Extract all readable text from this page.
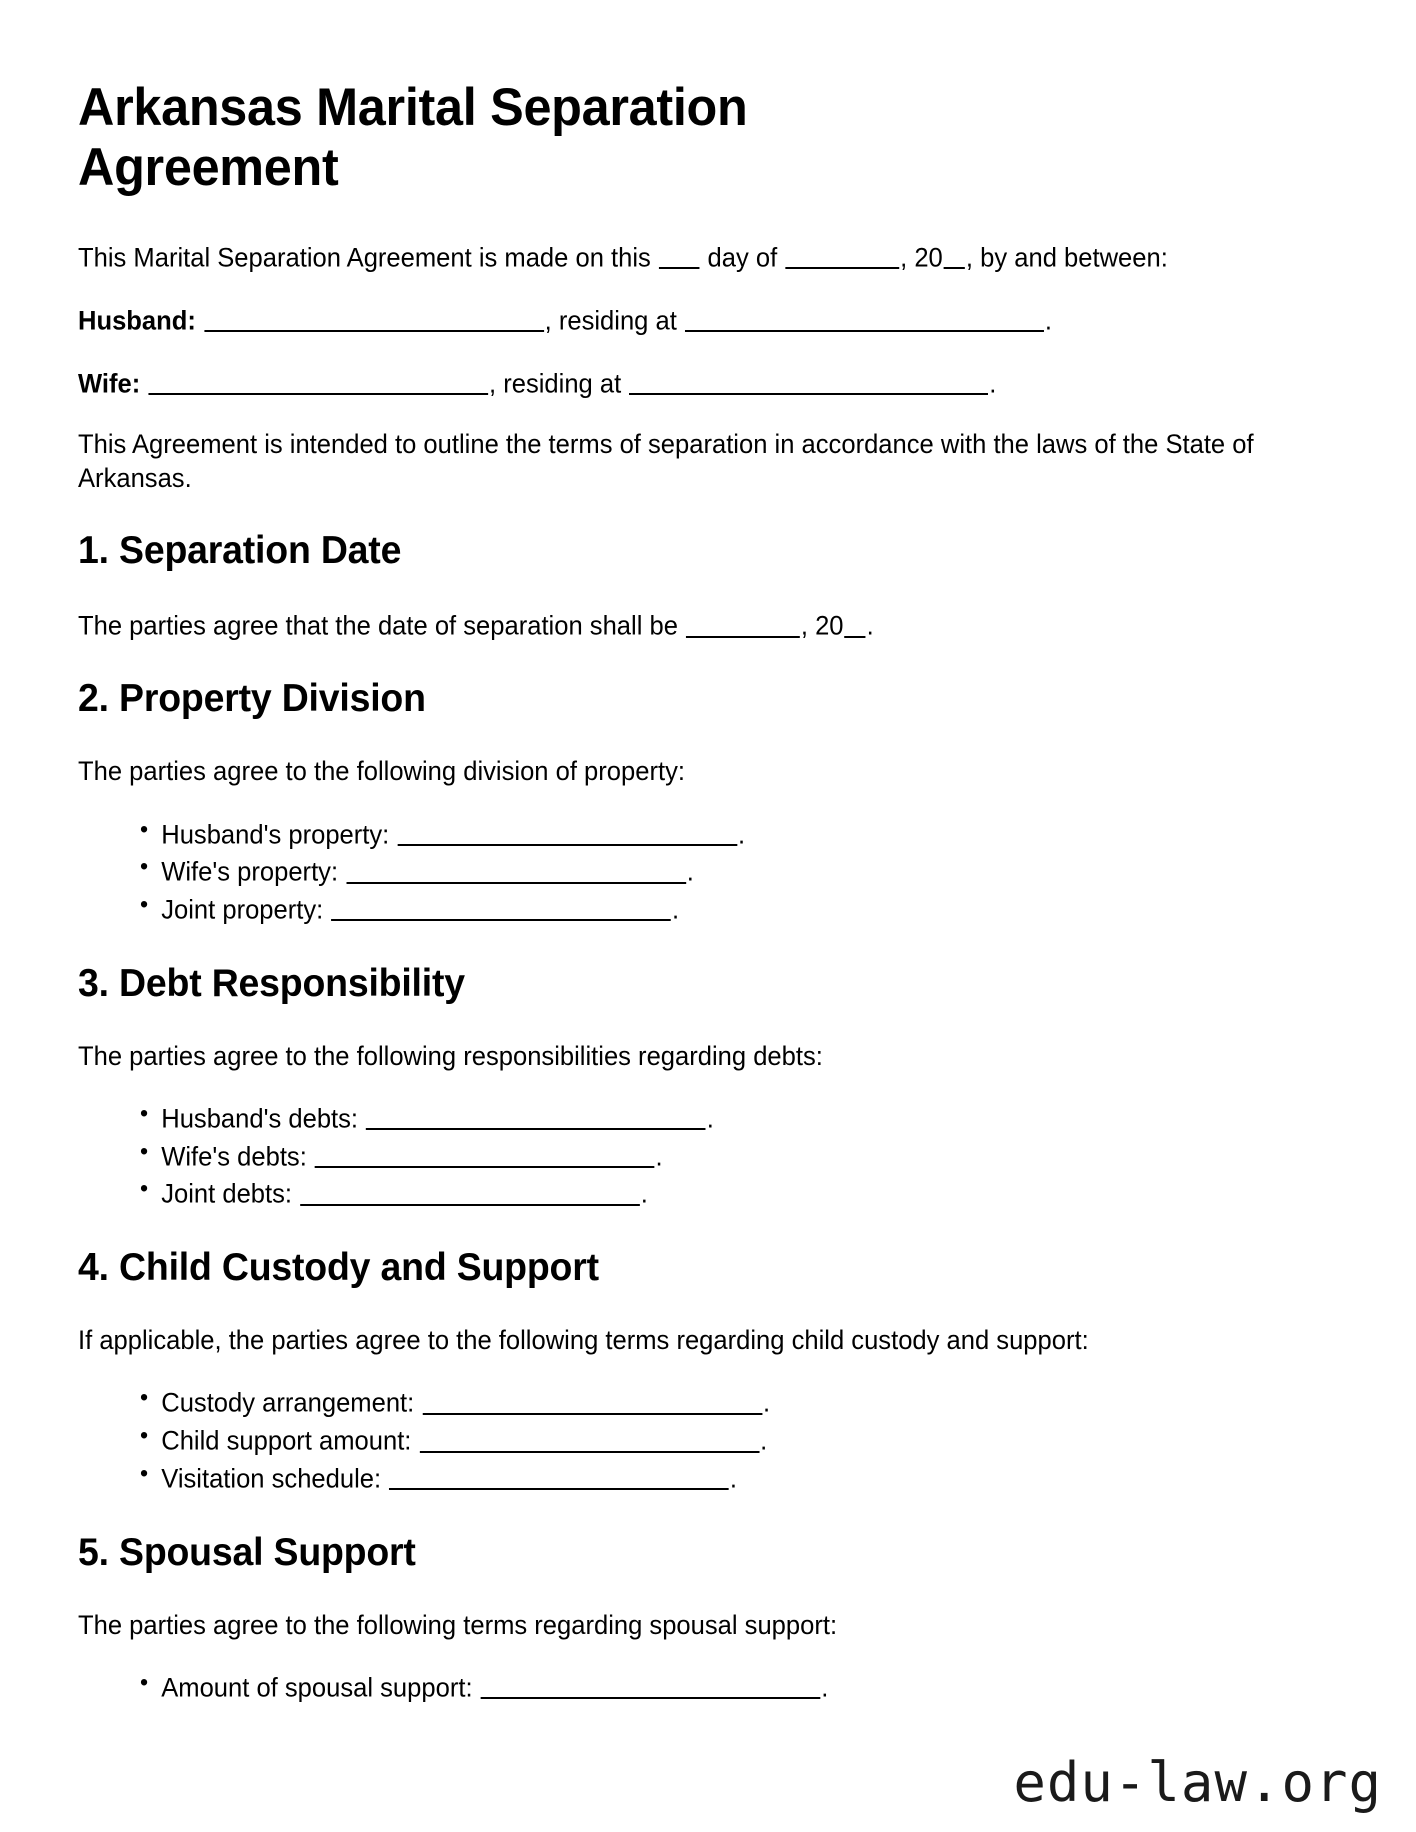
Arkansas Marital Separation Agreement

This Marital Separation Agreement is made on this day of	, 20 , by and between:

Husband:	, residing at	.

Wife:	, residing at	.

This Agreement is intended to outline the terms of separation in accordance with the laws of the State of Arkansas.

1. Separation Date

The parties agree that the date of separation shall be	, 20 .

2. Property Division

The parties agree to the following division of property:

• Husband's property:	.
• Wife's property:	.
• Joint property:	.
3. Debt Responsibility

The parties agree to the following responsibilities regarding debts:

• Husband's debts:	.
• Wife's debts:	.
• Joint debts:	.
4. Child Custody and Support

If applicable, the parties agree to the following terms regarding child custody and support:

• Custody arrangement:	.
• Child support amount:	.
• Visitation schedule:	.
5. Spousal Support

The parties agree to the following terms regarding spousal support:

• Amount of spousal support:	.
edu-law.org
